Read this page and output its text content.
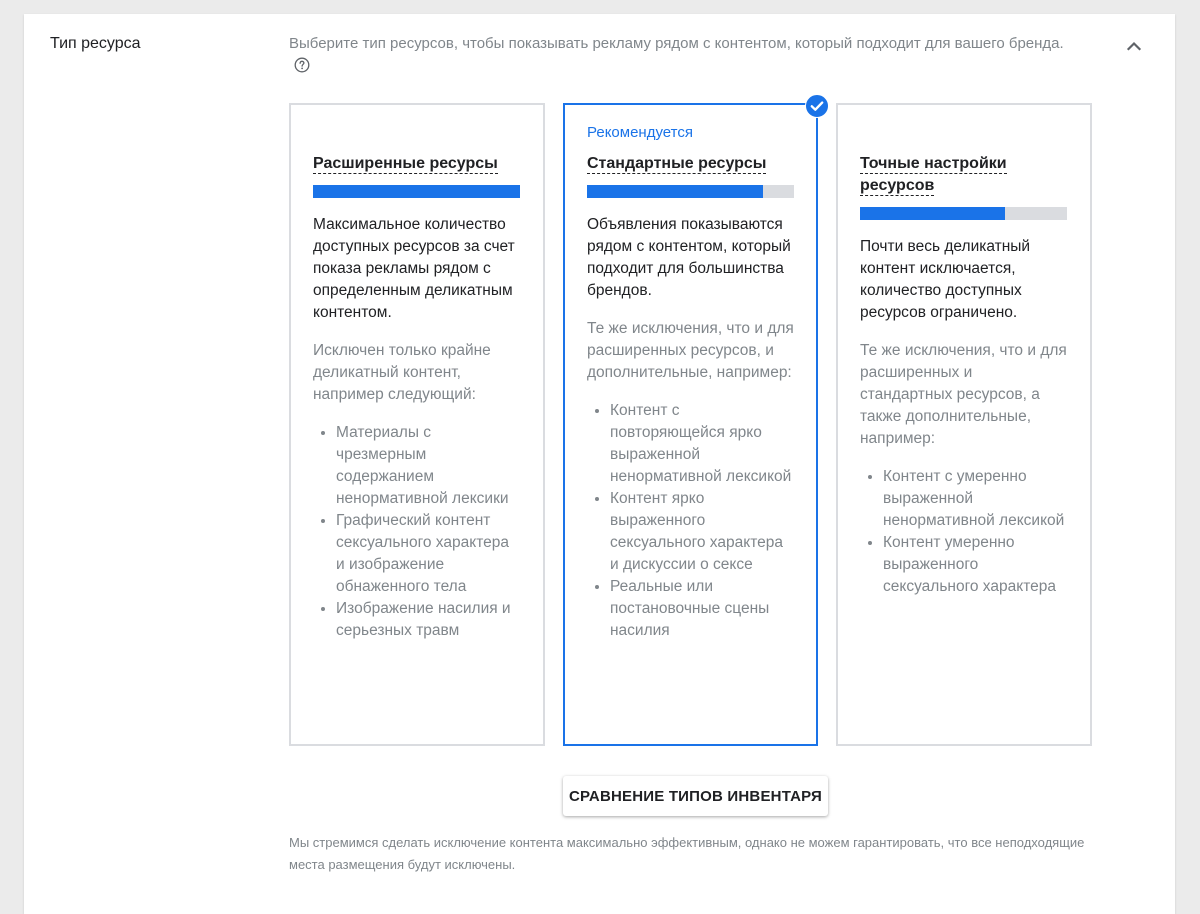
Тип ресурса	Выберите тип ресурсов, чтобы показывать рекламу рядом с контентом, который подходит для вашего бренда.
Расширенные ресурсы
Максимальное количество доступных ресурсов за счет показа рекламы рядом с определенным деликатным контентом.
Исключен только крайне деликатный контент, например следующий:
• Материалы с чрезмерным содержанием ненормативной лексики
• Графический контент сексуального характера и изображение обнаженного тела
• Изображение насилия и серьезных травм
Рекомендуется
Стандартные ресурсы
Объявления показываются рядом с контентом, который подходит для большинства брендов.
Те же исключения, что и для расширенных ресурсов, и дополнительные, например:
• Контент с повторяющейся ярко выраженной ненормативной лексикой
• Контент ярко выраженного сексуального характера и дискуссии о сексе
• Реальные или постановочные сцены насилия
Точные настройки ресурсов
Почти весь деликатный контент исключается, количество доступных ресурсов ограничено.
Те же исключения, что и для расширенных и стандартных ресурсов, а также дополнительные, например:
• Контент с умеренно выраженной ненормативной лексикой
• Контент умеренно выраженного сексуального характера
СРАВНЕНИЕ ТИПОВ ИНВЕНТАРЯ
Мы стремимся сделать исключение контента максимально эффективным, однако не можем гарантировать, что все неподходящие места размещения будут исключены.
